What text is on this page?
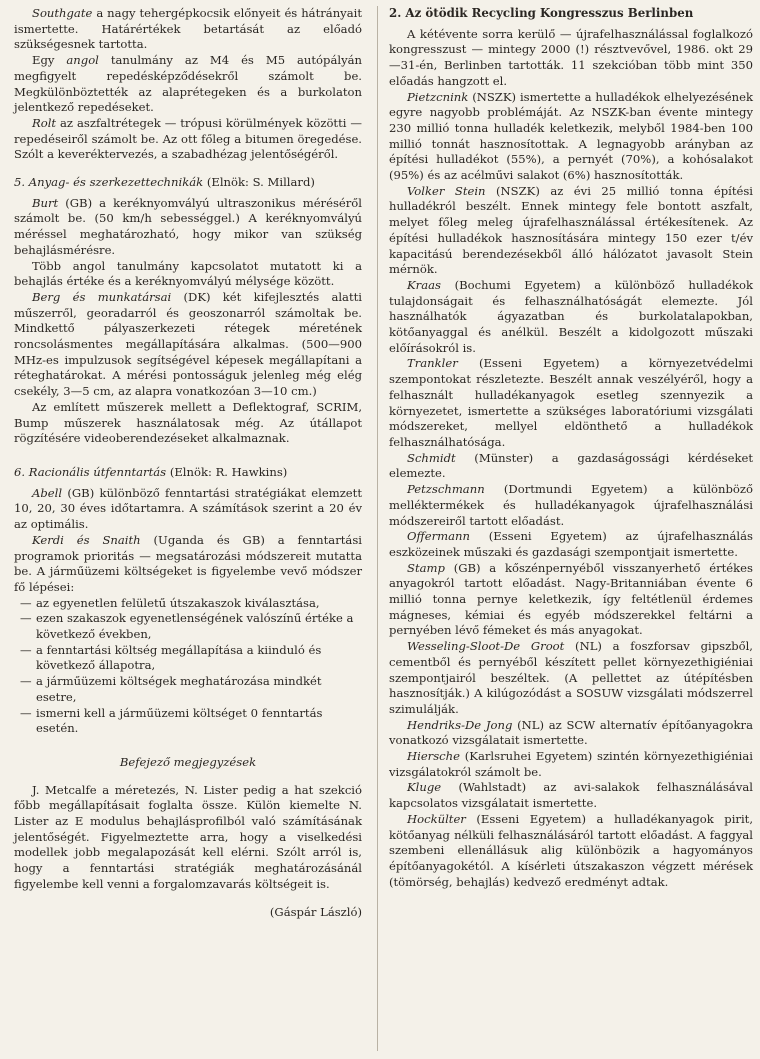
Southgate a nagy tehergépkocsik előnyeit és hátrányait ismertette. Határértékek betartását az előadó szükségesnek tartotta.

Egy angol tanulmány az M4 és M5 autópályán megfigyelt repedésképződésekről számolt be. Megkülönböztették az alaprétegeken és a burkolaton jelentkező repedéseket.

Rolt az aszfaltrétegek — trópusi körülmények közötti — repedéseiről számolt be. Az ott főleg a bitumen öregedése. Szólt a keveréktervezés, a szabadhézag jelentőségéről.

5. Anyag- és szerkezettechnikák (Elnök: S. Millard)

Burt (GB) a keréknyomvályú ultraszonikus méréséről számolt be. (50 km/h sebességgel.) A keréknyomvályú méréssel meghatározható, hogy mikor van szükség behajlásmérésre.

Több angol tanulmány kapcsolatot mutatott ki a behajlás értéke és a keréknyomvályú mélysége között.

Berg és munkatársai (DK) két kifejlesztés alatti műszerről, georadarról és geoszonarról számoltak be. Mindkettő pályaszerkezeti rétegek méretének roncsolásmentes megállapítására alkalmas. (500—900 MHz-es impulzusok segítségével képesek megállapítani a réteghatárokat. A mérési pontosságuk jelenleg még elég csekély, 3—5 cm, az alapra vonatkozóan 3—10 cm.)

Az említett műszerek mellett a Deflektograf, SCRIM, Bump műszerek használatosak még. Az útállapot rögzítésére videoberendezéseket alkalmaznak.

6. Racionális útfenntartás (Elnök: R. Hawkins)

Abell (GB) különböző fenntartási stratégiákat elemzett 10, 20, 30 éves időtartamra. A számítások szerint a 20 év az optimális.

Kerdi és Snaith (Uganda és GB) a fenntartási programok prioritás — megsatározási módszereit mutatta be. A járműüzemi költségeket is figyelembe vevő módszer fő lépései:

— az egyenetlen felületű útszakaszok kiválasztása,
— ezen szakaszok egyenetlenségének valószínű értéke a következő években,
— a fenntartási költség megállapítása a kiinduló és következő állapotra,
— a járműüzemi költségek meghatározása mindkét esetre,
— ismerni kell a járműüzemi költséget 0 fenntartás esetén.

Befejező megjegyzések

J. Metcalfe a méretezés, N. Lister pedig a hat szekció főbb megállapításait foglalta össze. Külön kiemelte N. Lister az E modulus behajlásprofilból való számításának jelentőségét. Figyelmeztette arra, hogy a viselkedési modellek jobb megalapozását kell elérni. Szólt arról is, hogy a fenntartási stratégiák meghatározásánál figyelembe kell venni a forgalomzavarás költségeit is.

(Gáspár László)

2. Az ötödik Recycling Kongresszus Berlinben

A kétévente sorra kerülő — újrafelhasználással foglalkozó kongresszust — mintegy 2000 (!) résztvevővel, 1986. okt 29—31-én, Berlinben tartották. 11 szekcióban több mint 350 előadás hangzott el.

Pietzcnink (NSZK) ismertette a hulladékok elhelyezésének egyre nagyobb problémáját. Az NSZK-ban évente mintegy 230 millió tonna hulladék keletkezik, melyből 1984-ben 100 millió tonnát hasznosítottak. A legnagyobb arányban az építési hulladékot (55%), a pernyét (70%), a kohósalakot (95%) és az acélművi salakot (6%) hasznosították.

Volker Stein (NSZK) az évi 25 millió tonna építési hulladékról beszélt. Ennek mintegy fele bontott aszfalt, melyet főleg meleg újrafelhasználással értékesítenek. Az építési hulladékok hasznosítására mintegy 150 ezer t/év kapacitású berendezésekből álló hálózatot javasolt Stein mérnök.

Kraas (Bochumi Egyetem) a különböző hulladékok tulajdonságait és felhasználhatóságát elemezte. Jól használhatók ágyazatban és burkolatalapokban, kötőanyaggal és anélkül. Beszélt a kidolgozott műszaki előírásokról is.

Trankler (Esseni Egyetem) a környezetvédelmi szempontokat részletezte. Beszélt annak veszélyéről, hogy a felhasznált hulladékanyagok esetleg szennyezik a környezetet, ismertette a szükséges laboratóriumi vizsgálati módszereket, mellyel eldönthető a hulladékok felhasználhatósága.

Schmidt (Münster) a gazdaságossági kérdéseket elemezte.

Petzschmann (Dortmundi Egyetem) a különböző melléktermékek és hulladékanyagok újrafelhasználási módszereiről tartott előadást.

Offermann (Esseni Egyetem) az újrafelhasználás eszközeinek műszaki és gazdasági szempontjait ismertette.

Stamp (GB) a kőszénpernyéből visszanyerhető értékes anyagokról tartott előadást. Nagy-Britanniában évente 6 millió tonna pernye keletkezik, így feltétlenül érdemes mágneses, kémiai és egyéb módszerekkel feltárni a pernyében lévő fémeket és más anyagokat.

Wesseling-Sloot-De Groot (NL) a foszforsav gipszből, cementből és pernyéből készített pellet környezethigiéniai szempontjairól beszéltek. (A pellettet az útépítésben hasznosítják.) A kilúgozódást a SOSUW vizsgálati módszerrel szimulálják.

Hendriks-De Jong (NL) az SCW alternatív építőanyagokra vonatkozó vizsgálatait ismertette.

Hiersche (Karlsruhei Egyetem) szintén környezethigiéniai vizsgálatokról számolt be.

Kluge (Wahlstadt) az avi-salakok felhasználásával kapcsolatos vizsgálatait ismertette.

Hockülter (Esseni Egyetem) a hulladékanyagok pirit, kötőanyag nélküli felhasználásáról tartott előadást. A faggyal szembeni ellenállásuk alig különbözik a hagyományos építőanyagokétól. A kísérleti útszakaszon végzett mérések (tömörség, behajlás) kedvező eredményt adtak.
